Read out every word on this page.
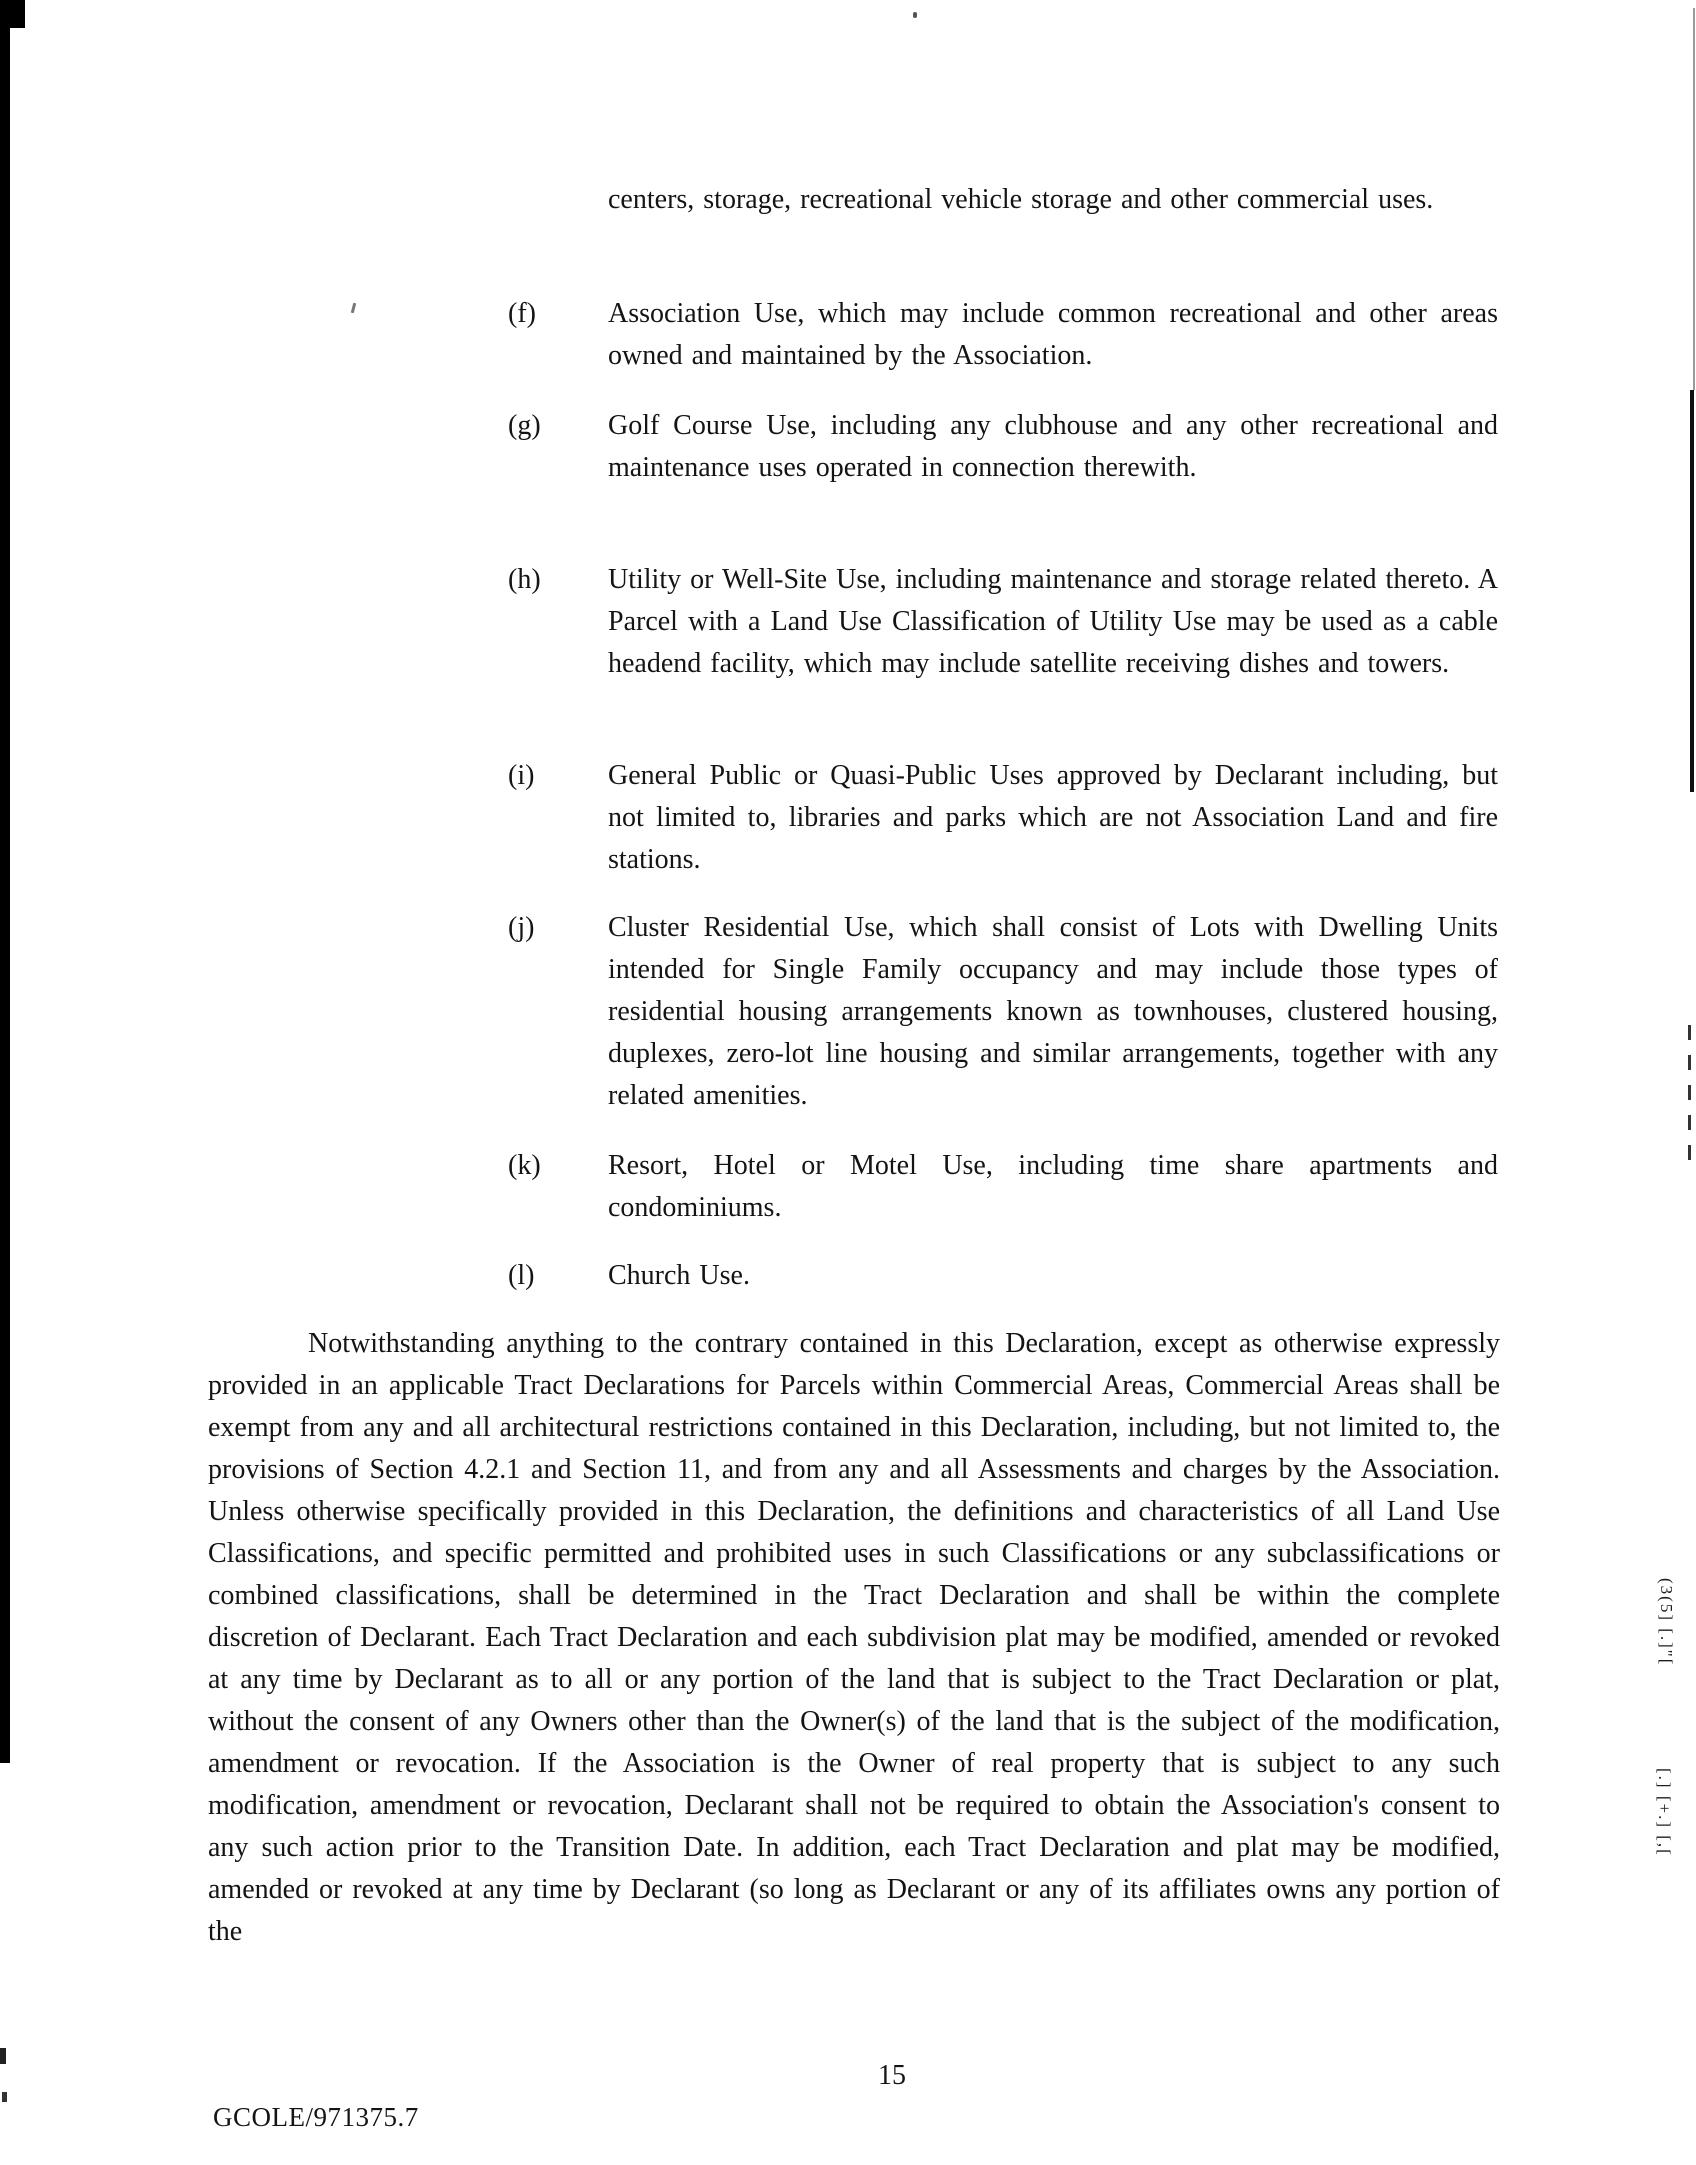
(3(5] [.]"[
[.] [+.] [,[
centers, storage, recreational vehicle storage and other commercial uses.
(f)	Association Use, which may include common recreational and other areas owned and maintained by the Association.
(g) Golf Course Use, including any clubhouse and any other recreational and maintenance uses operated in connection therewith.
(h) Utility or Well-Site Use, including maintenance and storage related thereto. A Parcel with a Land Use Classification of Utility Use may be used as a cable headend facility, which may include satellite receiving dishes and towers.
(i)	General Public or Quasi-Public Uses approved by Declarant including, but not limited to, libraries and parks which are not Association Land and fire stations.
(j)	Cluster Residential Use, which shall consist of Lots with Dwelling Units intended for Single Family occupancy and may include those types of residential housing arrangements known as townhouses, clustered housing, duplexes, zero-lot line housing and similar arrangements, together with any related amenities.
(k) Resort, Hotel or Motel Use, including time share apartments and condominiums.
(l)	Church Use.
Notwithstanding anything to the contrary contained in this Declaration, except as otherwise expressly provided in an applicable Tract Declarations for Parcels within Commercial Areas, Commercial Areas shall be exempt from any and all architectural restrictions contained in this Declaration, including, but not limited to, the provisions of Section 4.2.1 and Section 11, and from any and all Assessments and charges by the Association. Unless otherwise specifically provided in this Declaration, the definitions and characteristics of all Land Use Classifications, and specific permitted and prohibited uses in such Classifications or any subclassifications or combined classifications, shall be determined in the Tract Declaration and shall be within the complete discretion of Declarant. Each Tract Declaration and each subdivision plat may be modified, amended or revoked at any time by Declarant as to all or any portion of the land that is subject to the Tract Declaration or plat, without the consent of any Owners other than the Owner(s) of the land that is the subject of the modification, amendment or revocation. If the Association is the Owner of real property that is subject to any such modification, amendment or revocation, Declarant shall not be required to obtain the Association's consent to any such action prior to the Transition Date. In addition, each Tract Declaration and plat may be modified, amended or revoked at any time by Declarant (so long as Declarant or any of its affiliates owns any portion of the
15
GCOLE/971375.7
